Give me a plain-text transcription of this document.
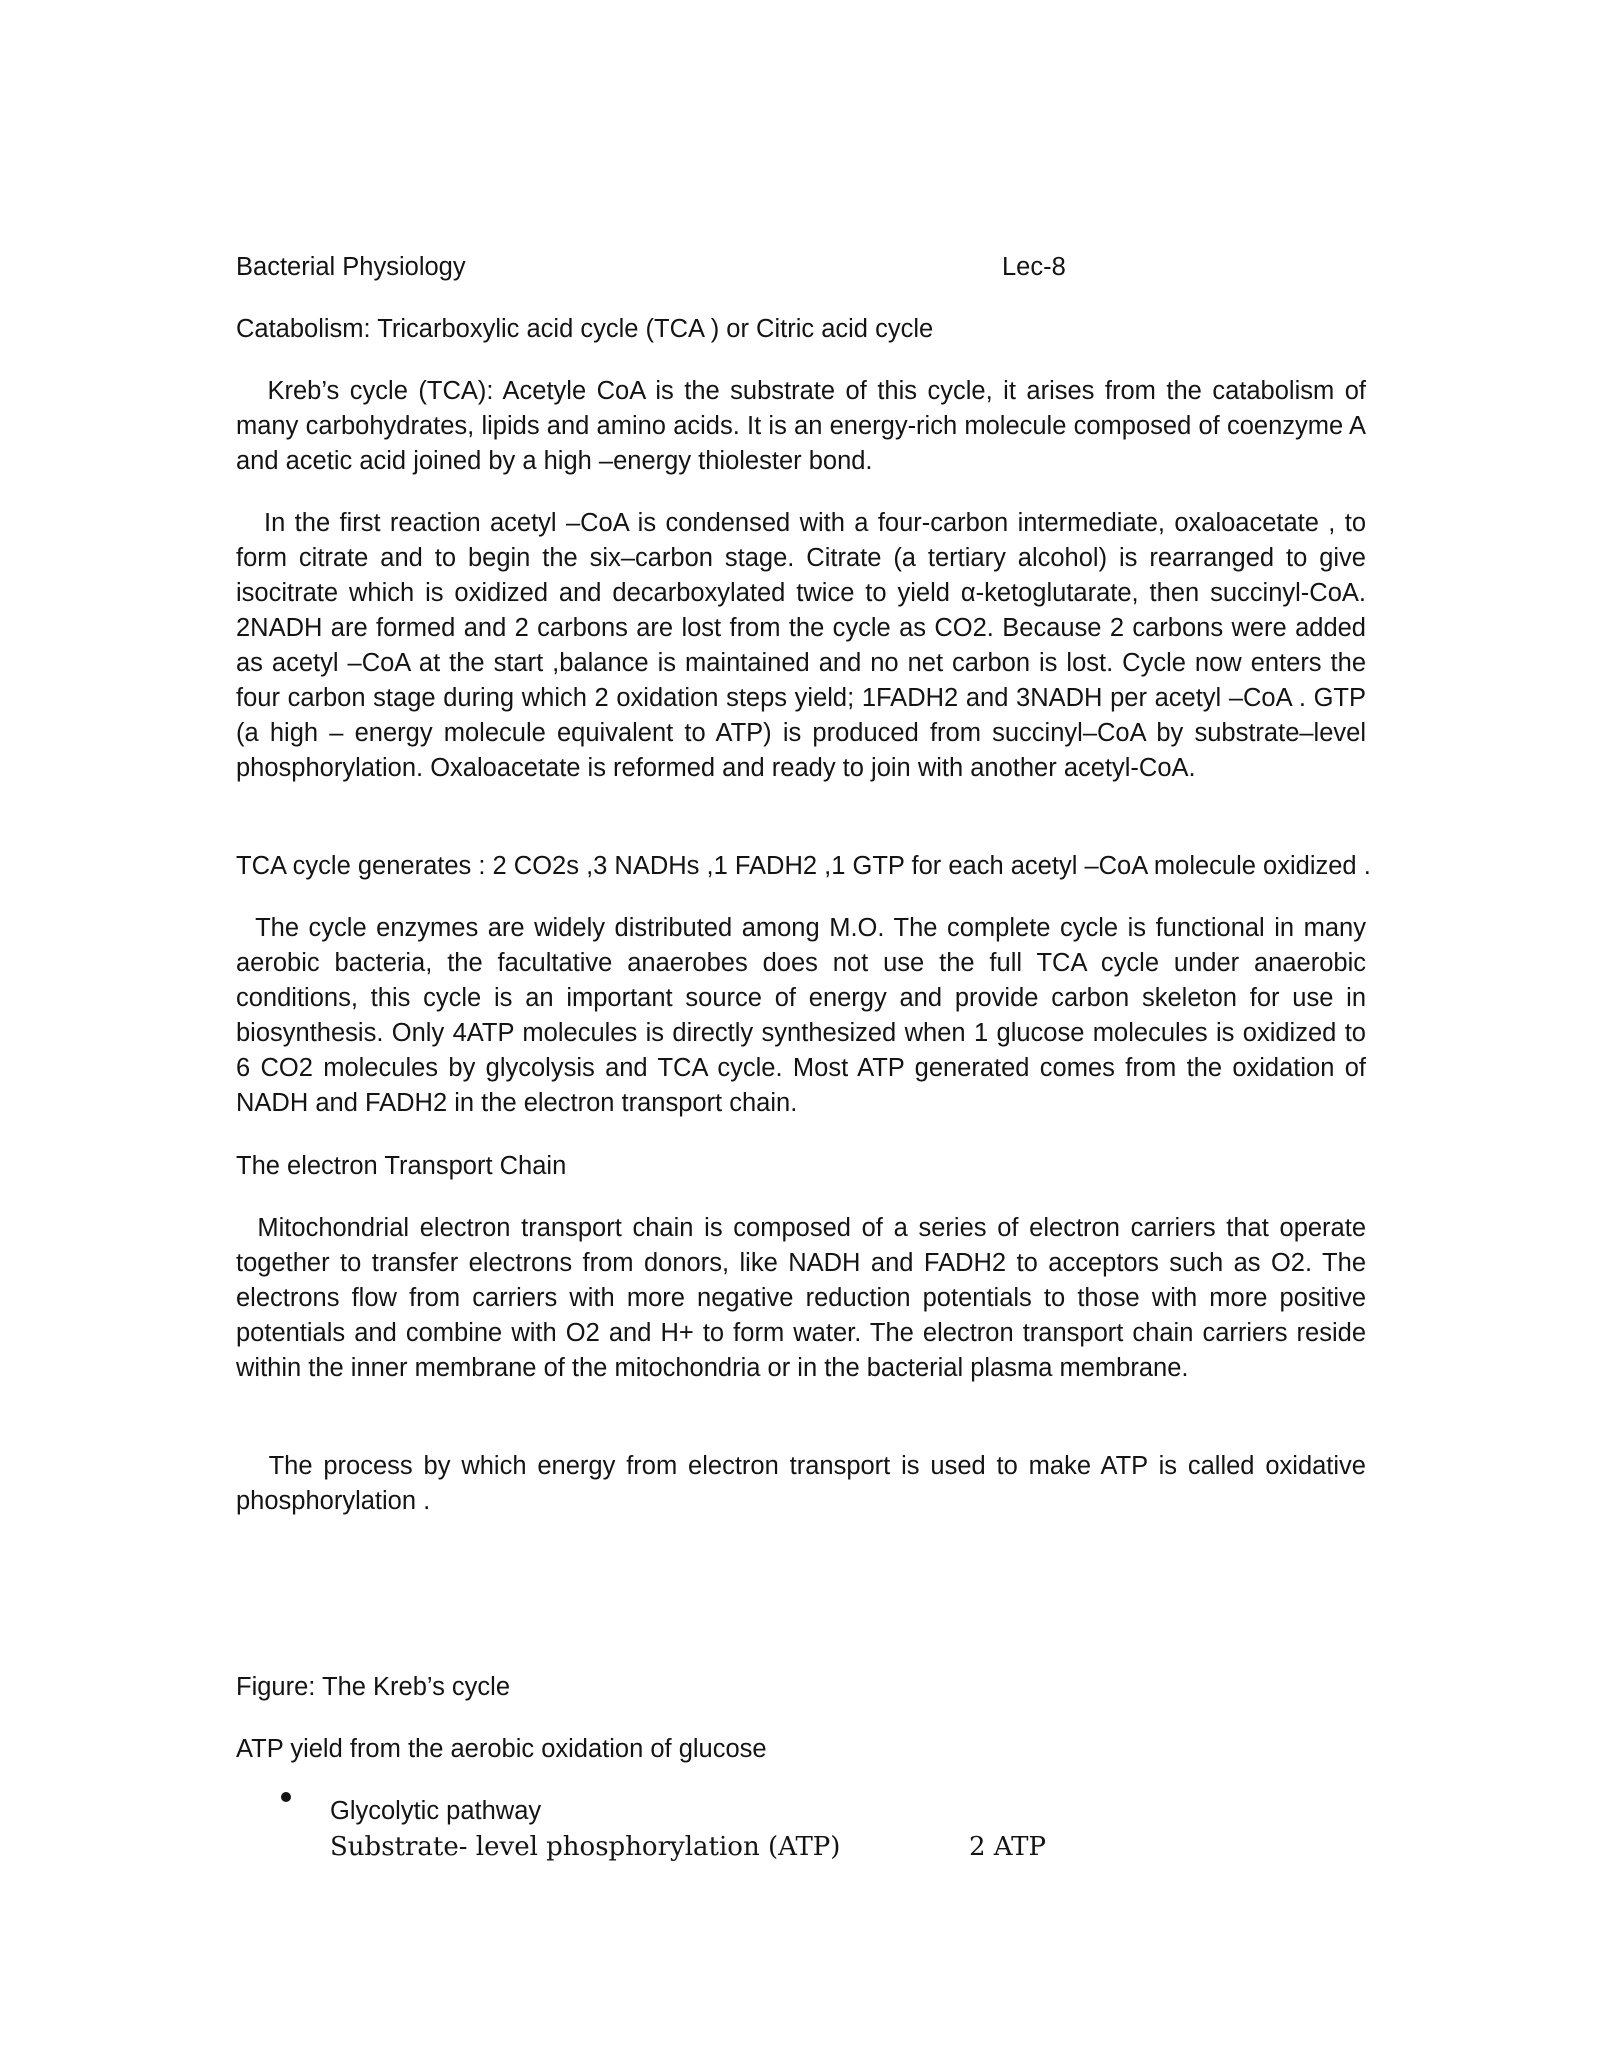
Bacterial Physiology	Lec-8
Catabolism: Tricarboxylic acid cycle (TCA ) or Citric acid cycle

Kreb’s cycle (TCA): Acetyle CoA is the substrate of this cycle, it arises from the catabolism of many carbohydrates, lipids and amino acids. It is an energy-rich molecule composed of coenzyme A and acetic acid joined by a high –energy thiolester bond.

In the first reaction acetyl –CoA is condensed with a four-carbon intermediate, oxaloacetate , to form citrate and to begin the six–carbon stage. Citrate (a tertiary alcohol) is rearranged to give isocitrate which is oxidized and decarboxylated twice to yield α-ketoglutarate, then succinyl-CoA. 2NADH are formed and 2 carbons are lost from the cycle as CO2. Because 2 carbons were added as acetyl –CoA at the start ,balance is maintained and no net carbon is lost. Cycle now enters the four carbon stage during which 2 oxidation steps yield; 1FADH2 and 3NADH per acetyl –CoA . GTP (a high – energy molecule equivalent to ATP) is produced from succinyl–CoA by substrate–level phosphorylation. Oxaloacetate is reformed and ready to join with another acetyl-CoA.

TCA cycle generates : 2 CO2s ,3 NADHs ,1 FADH2 ,1 GTP for each acetyl –CoA molecule oxidized .

The cycle enzymes are widely distributed among M.O. The complete cycle is functional in many aerobic bacteria, the facultative anaerobes does not use the full TCA cycle under anaerobic conditions, this cycle is an important source of energy and provide carbon skeleton for use in biosynthesis. Only 4ATP molecules is directly synthesized when 1 glucose molecules is oxidized to 6 CO2 molecules by glycolysis and TCA cycle. Most ATP generated comes from the oxidation of NADH and FADH2 in the electron transport chain.

The electron Transport Chain

Mitochondrial electron transport chain is composed of a series of electron carriers that operate together to transfer electrons from donors, like NADH and FADH2 to acceptors such as O2. The electrons flow from carriers with more negative reduction potentials to those with more positive potentials and combine with O2 and H+ to form water. The electron transport chain carriers reside within the inner membrane of the mitochondria or in the bacterial plasma membrane.

The process by which energy from electron transport is used to make ATP is called oxidative phosphorylation .

Figure: The Kreb’s cycle
ATP yield from the aerobic oxidation of glucose
Glycolytic pathway
Substrate- level phosphorylation (ATP)	2 ATP
